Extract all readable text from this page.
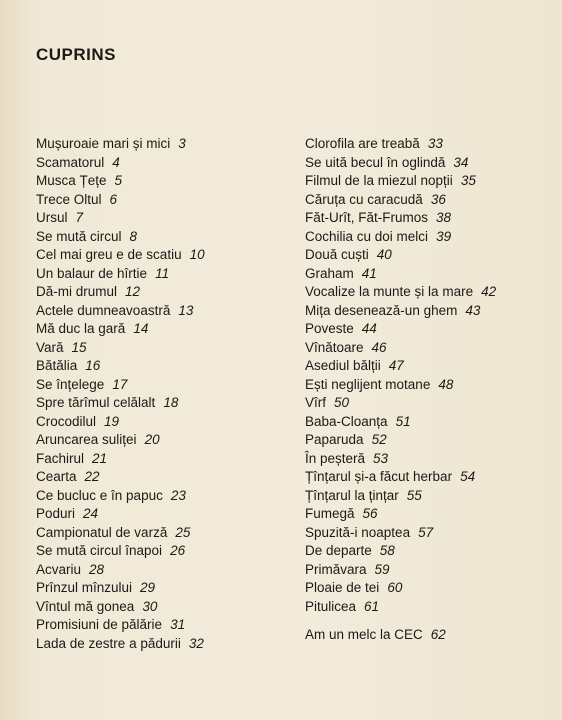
CUPRINS
Mușuroaie mari și mici 3
Scamatorul 4
Musca Țețe 5
Trece Oltul 6
Ursul 7
Se mută circul 8
Cel mai greu e de scatiu 10
Un balaur de hîrtie 11
Dă-mi drumul 12
Actele dumneavoastră 13
Mă duc la gară 14
Vară 15
Bătălia 16
Se înțelege 17
Spre tărîmul celălalt 18
Crocodilul 19
Aruncarea suliței 20
Fachirul 21
Cearta 22
Ce bucluc e în papuc 23
Poduri 24
Campionatul de varză 25
Se mută circul înapoi 26
Acvariu 28
Prînzul mînzului 29
Vîntul mă gonea 30
Promisiuni de pălărie 31
Lada de zestre a pădurii 32
Clorofila are treabă 33
Se uită becul în oglindă 34
Filmul de la miezul nopții 35
Căruța cu caracudă 36
Făt-Urît, Făt-Frumos 38
Cochilia cu doi melci 39
Două cuști 40
Graham 41
Vocalize la munte și la mare 42
Mița desenează-un ghem 43
Poveste 44
Vînătoare 46
Asediul bălții 47
Ești neglijent motane 48
Vîrf 50
Baba-Cloanța 51
Paparuda 52
În peșteră 53
Țînțarul și-a făcut herbar 54
Țînțarul la țințar 55
Fumegă 56
Spuzită-i noaptea 57
De departe 58
Primăvara 59
Ploaie de tei 60
Pitulicea 61
Am un melc la CEC 62
